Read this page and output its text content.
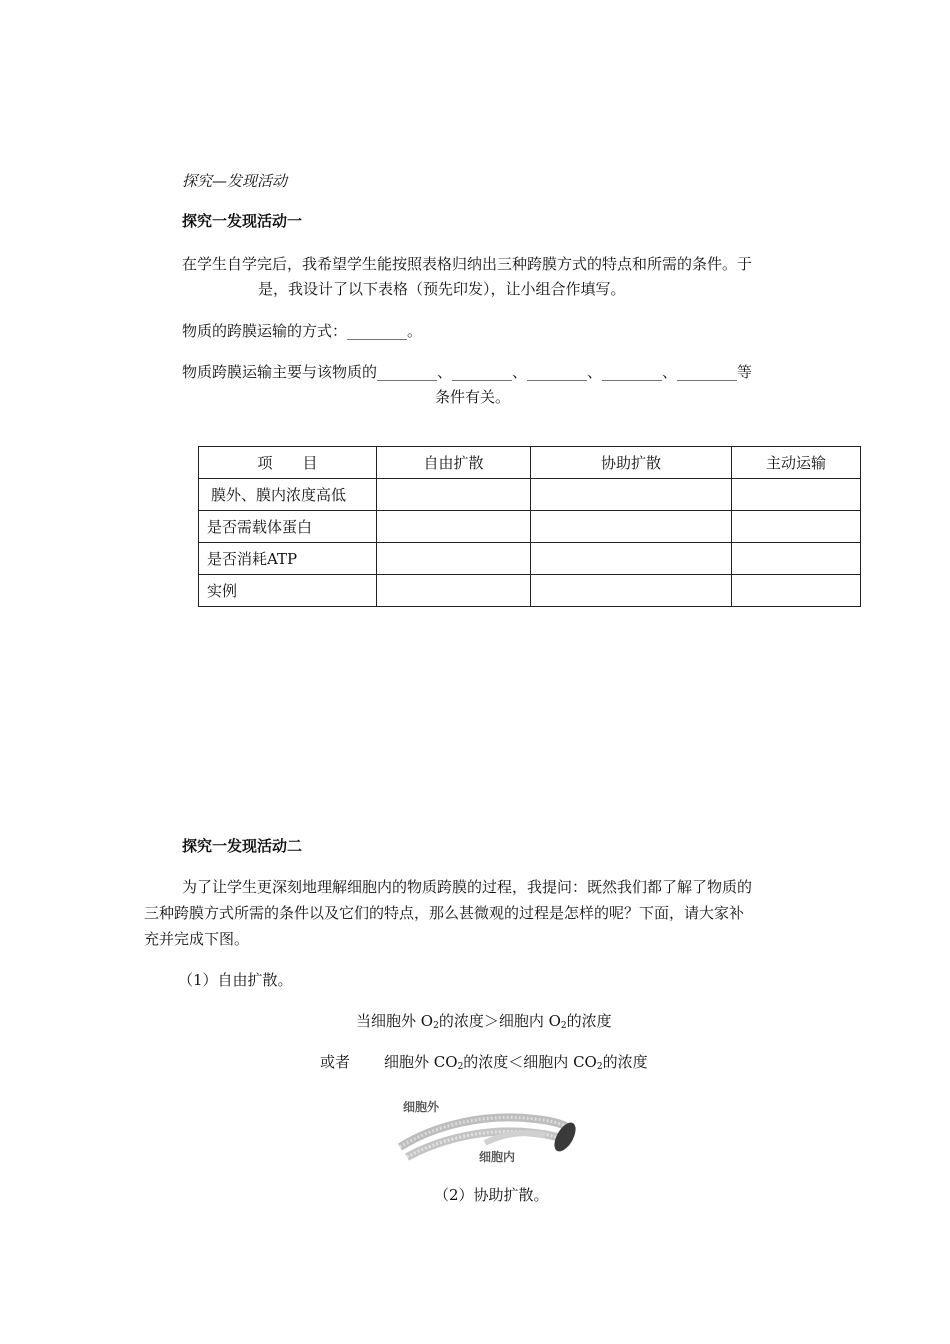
探究—发现活动
探究一发现活动一
在学生自学完后，我希望学生能按照表格归纳出三种跨膜方式的特点和所需的条件。于
是，我设计了以下表格（预先印发），让小组合作填写。
物质的跨膜运输的方式：________。
物质跨膜运输主要与该物质的________、________、________、________、________等
条件有关。
项　　目	自由扩散	协助扩散	主动运输
膜外、膜内浓度高低			
是否需载体蛋白			
是否消耗ATP			
实例			
探究一发现活动二
为了让学生更深刻地理解细胞内的物质跨膜的过程，我提问：既然我们都了解了物质的
三种跨膜方式所需的条件以及它们的特点，那么甚微观的过程是怎样的呢？下面，请大家补
充并完成下图。
（1）自由扩散。
当细胞外 $O_2$的浓度＞细胞内 $O_2$的浓度
或者 细胞外 $CO_2$的浓度＜细胞内 $CO_2$的浓度
细胞外
细胞内
（2）协助扩散。
